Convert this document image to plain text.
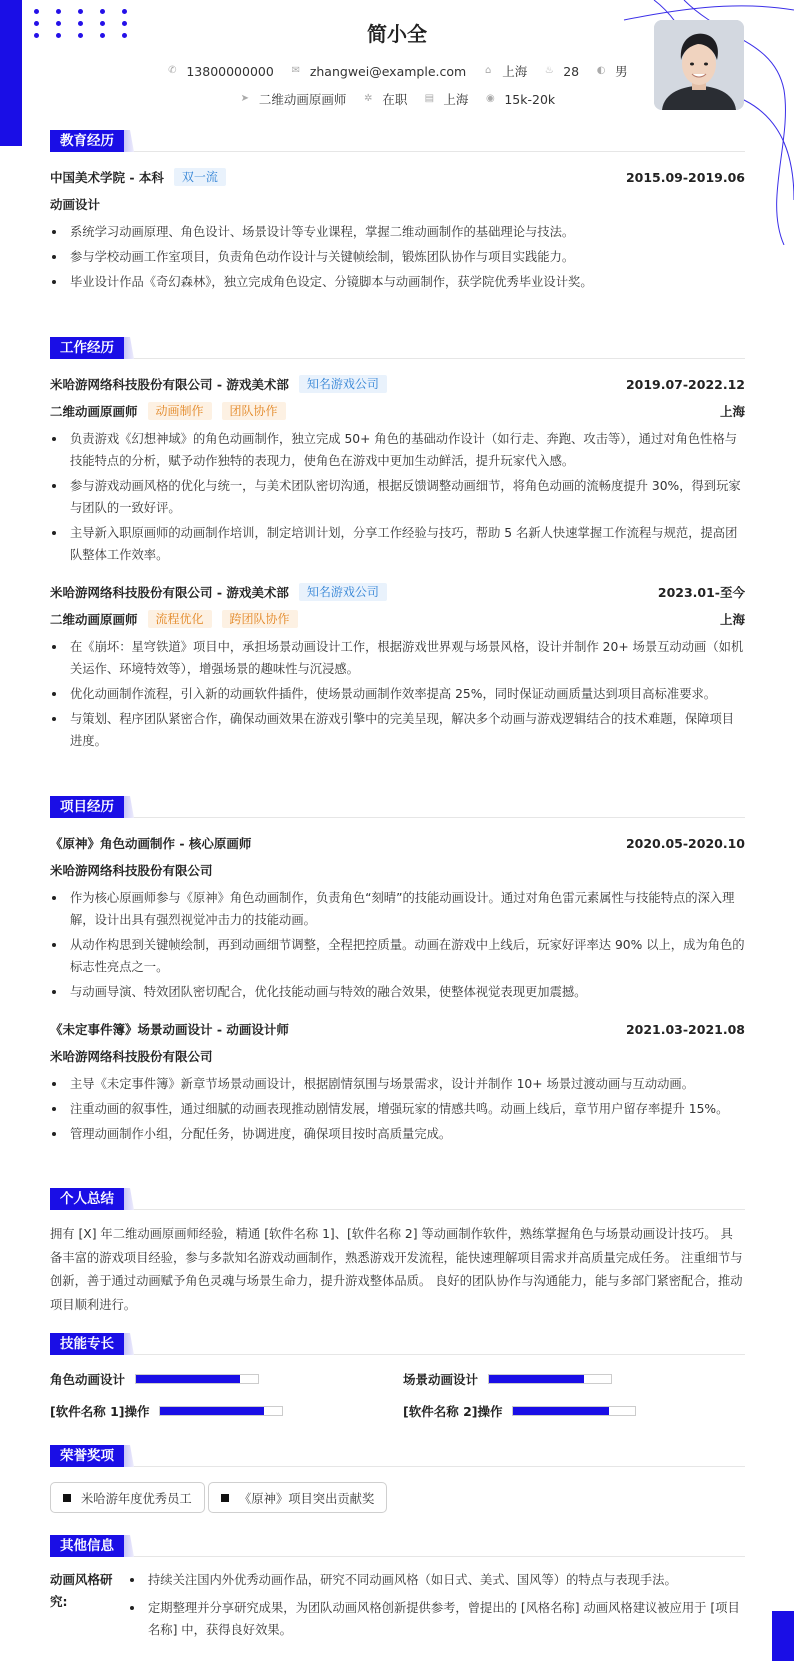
简小全
✆ 13800000000 ✉ zhangwei@example.com ⌂ 上海 ♨ 28 ◐ 男
➤ 二维动画原画师 ✲ 在职 ▤ 上海 ◉ 15k-20k
教育经历
中国美术学院 - 本科	双一流	2015.09-2019.06
动画设计
系统学习动画原理、角色设计、场景设计等专业课程，掌握二维动画制作的基础理论与技法。
参与学校动画工作室项目，负责角色动作设计与关键帧绘制，锻炼团队协作与项目实践能力。
毕业设计作品《奇幻森林》，独立完成角色设定、分镜脚本与动画制作，获学院优秀毕业设计奖。
工作经历
米哈游网络科技股份有限公司 - 游戏美术部	知名游戏公司	2019.07-2022.12
二维动画原画师	动画制作	团队协作	上海
负责游戏《幻想神域》的角色动画制作，独立完成 50+ 角色的基础动作设计（如行走、奔跑、攻击等），通过对角色性格与技能特点的分析，赋予动作独特的表现力，使角色在游戏中更加生动鲜活，提升玩家代入感。
参与游戏动画风格的优化与统一，与美术团队密切沟通，根据反馈调整动画细节，将角色动画的流畅度提升 30%，得到玩家与团队的一致好评。
主导新入职原画师的动画制作培训，制定培训计划，分享工作经验与技巧，帮助 5 名新人快速掌握工作流程与规范，提高团队整体工作效率。
米哈游网络科技股份有限公司 - 游戏美术部	知名游戏公司	2023.01-至今
二维动画原画师	流程优化	跨团队协作	上海
在《崩坏：星穹铁道》项目中，承担场景动画设计工作，根据游戏世界观与场景风格，设计并制作 20+ 场景互动动画（如机关运作、环境特效等），增强场景的趣味性与沉浸感。
优化动画制作流程，引入新的动画软件插件，使场景动画制作效率提高 25%，同时保证动画质量达到项目高标准要求。
与策划、程序团队紧密合作，确保动画效果在游戏引擎中的完美呈现，解决多个动画与游戏逻辑结合的技术难题，保障项目进度。
项目经历
《原神》角色动画制作 - 核心原画师	2020.05-2020.10
米哈游网络科技股份有限公司
作为核心原画师参与《原神》角色动画制作，负责角色“刻晴”的技能动画设计。通过对角色雷元素属性与技能特点的深入理解，设计出具有强烈视觉冲击力的技能动画。
从动作构思到关键帧绘制，再到动画细节调整，全程把控质量。动画在游戏中上线后，玩家好评率达 90% 以上，成为角色的标志性亮点之一。
与动画导演、特效团队密切配合，优化技能动画与特效的融合效果，使整体视觉表现更加震撼。
《未定事件簿》场景动画设计 - 动画设计师	2021.03-2021.08
米哈游网络科技股份有限公司
主导《未定事件簿》新章节场景动画设计，根据剧情氛围与场景需求，设计并制作 10+ 场景过渡动画与互动动画。
注重动画的叙事性，通过细腻的动画表现推动剧情发展，增强玩家的情感共鸣。动画上线后，章节用户留存率提升 15%。
管理动画制作小组，分配任务，协调进度，确保项目按时高质量完成。
个人总结
拥有 [X] 年二维动画原画师经验，精通 [软件名称 1]、[软件名称 2] 等动画制作软件，熟练掌握角色与场景动画设计技巧。 具备丰富的游戏项目经验，参与多款知名游戏动画制作，熟悉游戏开发流程，能快速理解项目需求并高质量完成任务。 注重细节与创新，善于通过动画赋予角色灵魂与场景生命力，提升游戏整体品质。 良好的团队协作与沟通能力，能与多部门紧密配合，推动项目顺利进行。
技能专长
角色动画设计	场景动画设计
[软件名称 1]操作	[软件名称 2]操作
荣誉奖项
米哈游年度优秀员工	《原神》项目突出贡献奖
其他信息
动画风格研究:
持续关注国内外优秀动画作品，研究不同动画风格（如日式、美式、国风等）的特点与表现手法。
定期整理并分享研究成果，为团队动画风格创新提供参考，曾提出的 [风格名称] 动画风格建议被应用于 [项目名称] 中，获得良好效果。
